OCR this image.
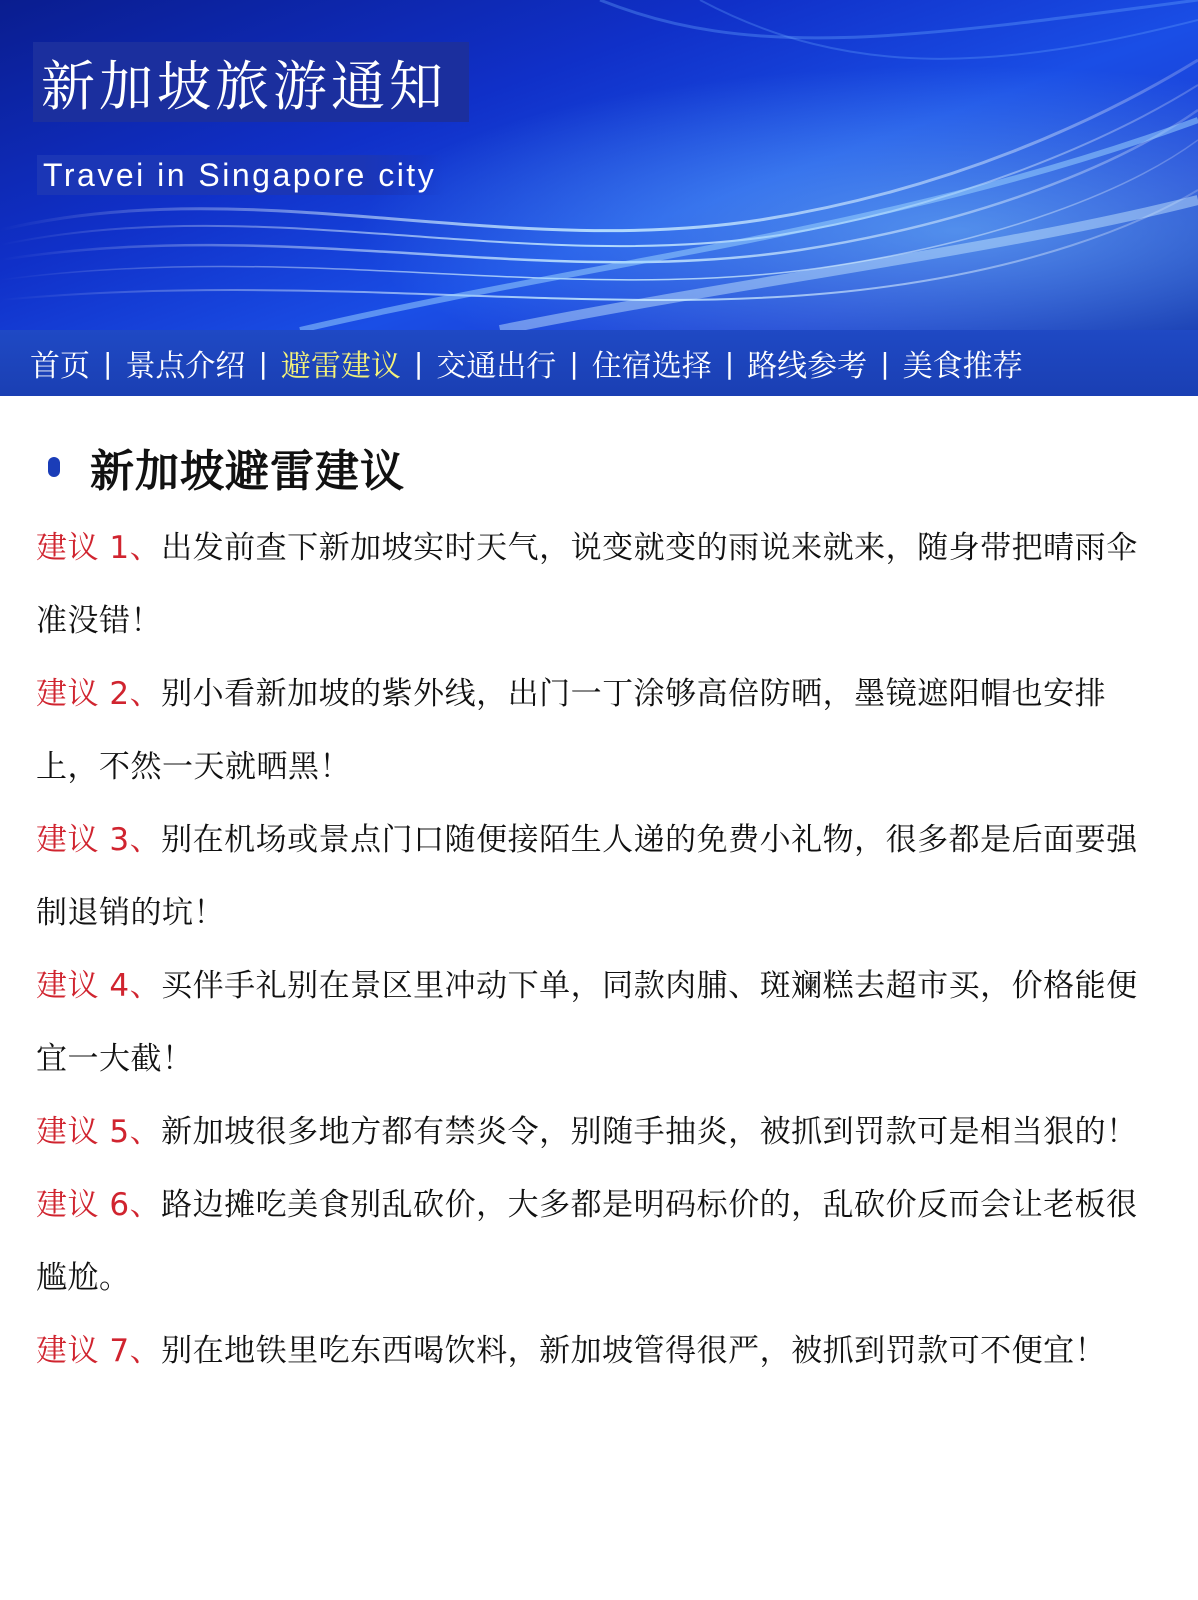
新加坡旅游通知
Travei in Singapore city
首页 | 景点介绍 | 避雷建议 | 交通出行 | 住宿选择 | 路线参考 | 美食推荐
新加坡避雷建议

建议 1、出发前查下新加坡实时天气，说变就变的雨说来就来，随身带把晴雨伞准没错！

建议 2、别小看新加坡的紫外线，出门一丁涂够高倍防晒，墨镜遮阳帽也安排上，不然一天就晒黑！

建议 3、别在机场或景点门口随便接陌生人递的免费小礼物，很多都是后面要强制退销的坑！

建议 4、买伴手礼别在景区里冲动下单，同款肉脯、斑斓糕去超市买，价格能便宜一大截！

建议 5、新加坡很多地方都有禁炎令，别随手抽炎，被抓到罚款可是相当狠的！

建议 6、路边摊吃美食别乱砍价，大多都是明码标价的，乱砍价反而会让老板很尴尬。

建议 7、别在地铁里吃东西喝饮料，新加坡管得很严，被抓到罚款可不便宜！
